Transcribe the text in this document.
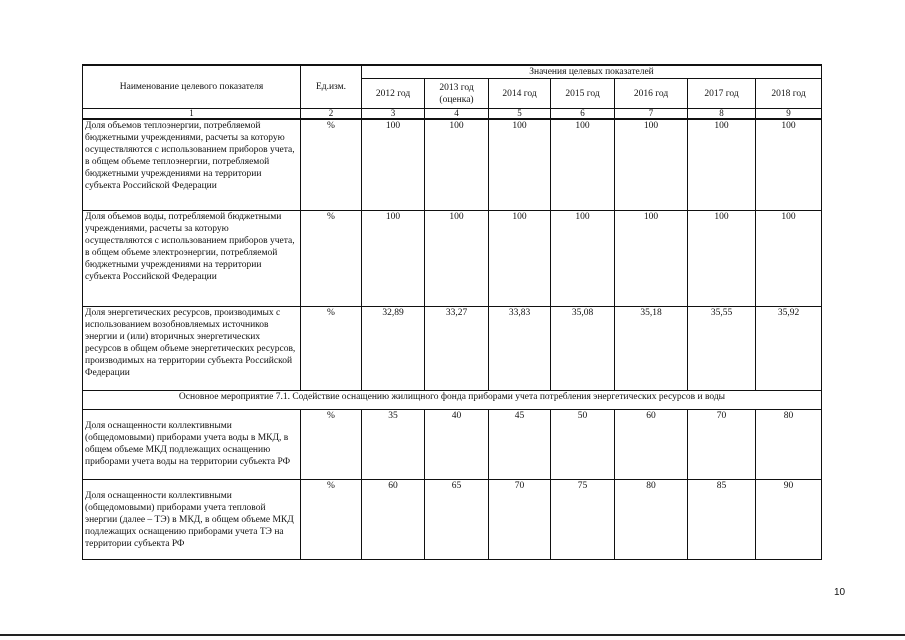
Наименование целевого показателя	Ед.изм.	Значения целевых показателей						
		2012 год	2013 год (оценка)	2014 год	2015 год	2016 год	2017 год	2018 год
1	2	3	4	5	6	7	8	9
Доля объемов теплоэнергии, потребляемой бюджетными учреждениями, расчеты за которую осуществляются с использованием приборов учета, в общем объеме теплоэнергии, потребляемой бюджетными учреждениями на территории субъекта Российской Федерации	%	100	100	100	100	100	100	100
Доля объемов воды, потребляемой бюджетными учреждениями, расчеты за которую осуществляются с использованием приборов учета, в общем объеме электроэнергии, потребляемой бюджетными учреждениями на территории субъекта Российской Федерации	%	100	100	100	100	100	100	100
Доля энергетических ресурсов, производимых с использованием возобновляемых источников энергии и (или) вторичных энергетических ресурсов в общем объеме энергетических ресурсов, производимых на территории субъекта Российской Федерации	%	32,89	33,27	33,83	35,08	35,18	35,55	35,92
Основное мероприятие 7.1. Содействие оснащению жилищного фонда приборами учета потребления энергетических ресурсов и воды								
Доля оснащенности коллективными (общедомовыми) приборами учета воды в МКД, в общем объеме МКД подлежащих оснащению приборами учета воды на территории субъекта РФ	%	35	40	45	50	60	70	80
Доля оснащенности коллективными (общедомовыми) приборами учета тепловой энергии (далее – ТЭ) в МКД, в общем объеме МКД подлежащих оснащению приборами учета ТЭ на территории субъекта РФ	%	60	65	70	75	80	85	90
10
